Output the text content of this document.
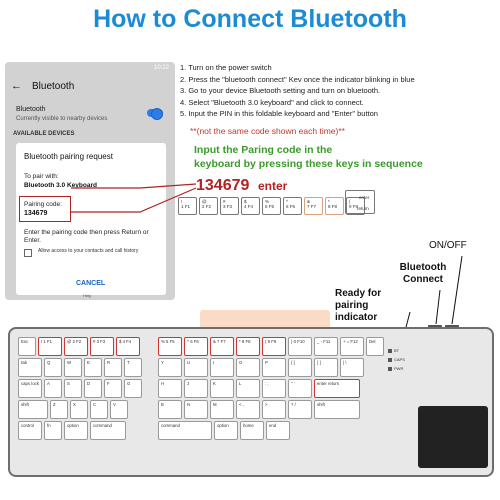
How to Connect Bluetooth
10:22
← Bluetooth
Bluetooth
Currently visible to nearby devices
AVAILABLE DEVICES
Bluetooth pairing request
To pair with:
Bluetooth 3.0 Keyboard
Pairing code:
134679
Enter the pairing code then press Return or Enter.
Allow access to your contacts and call history
CANCEL
Help
1. Turn on the power switch
2. Press the "bluetooth connect" Kev once the indicator blinking in blue
3. Go to your device Bluetooth setting and turn on bluetooth.
4. Select "Bluetooth 3.0 keyboard" and click to connect.
5. Input the PIN in this foldable keyboard and "Enter" button
**(not the same code shown each time)**
Input the Paring code in the
keyboard by pressing these keys in sequence
134679 enter
!
1 F1
@
2 F2
#
3 F3
$
4 F4
%
5 F5
^
6 F6
&
7 F7
*
8 F8
(
9 F9
enter
return
ON/OFF
Bluetooth Connect
Ready for pairing indicator
Esc	! 1 F1	@ 2 F2	# 3 F3	$ 4 F4
tab	Q	W	E	R	T
caps lock	A	S	D	F	G
shift	Z	X	C	V
control	fn	option	command
% 5 F5	^ 6 F6	& 7 F7	* 8 F8	( 9 F9	) 0 F10	_ - F11	+ = F12	Del
Y	U	I	O	P	{ [	} ]	| \
H	J	K	L	: ;	" '	enter return
B	N	M	< ,	> .	? /	shift
command	option	home	end
BT
CAPS
PWR
